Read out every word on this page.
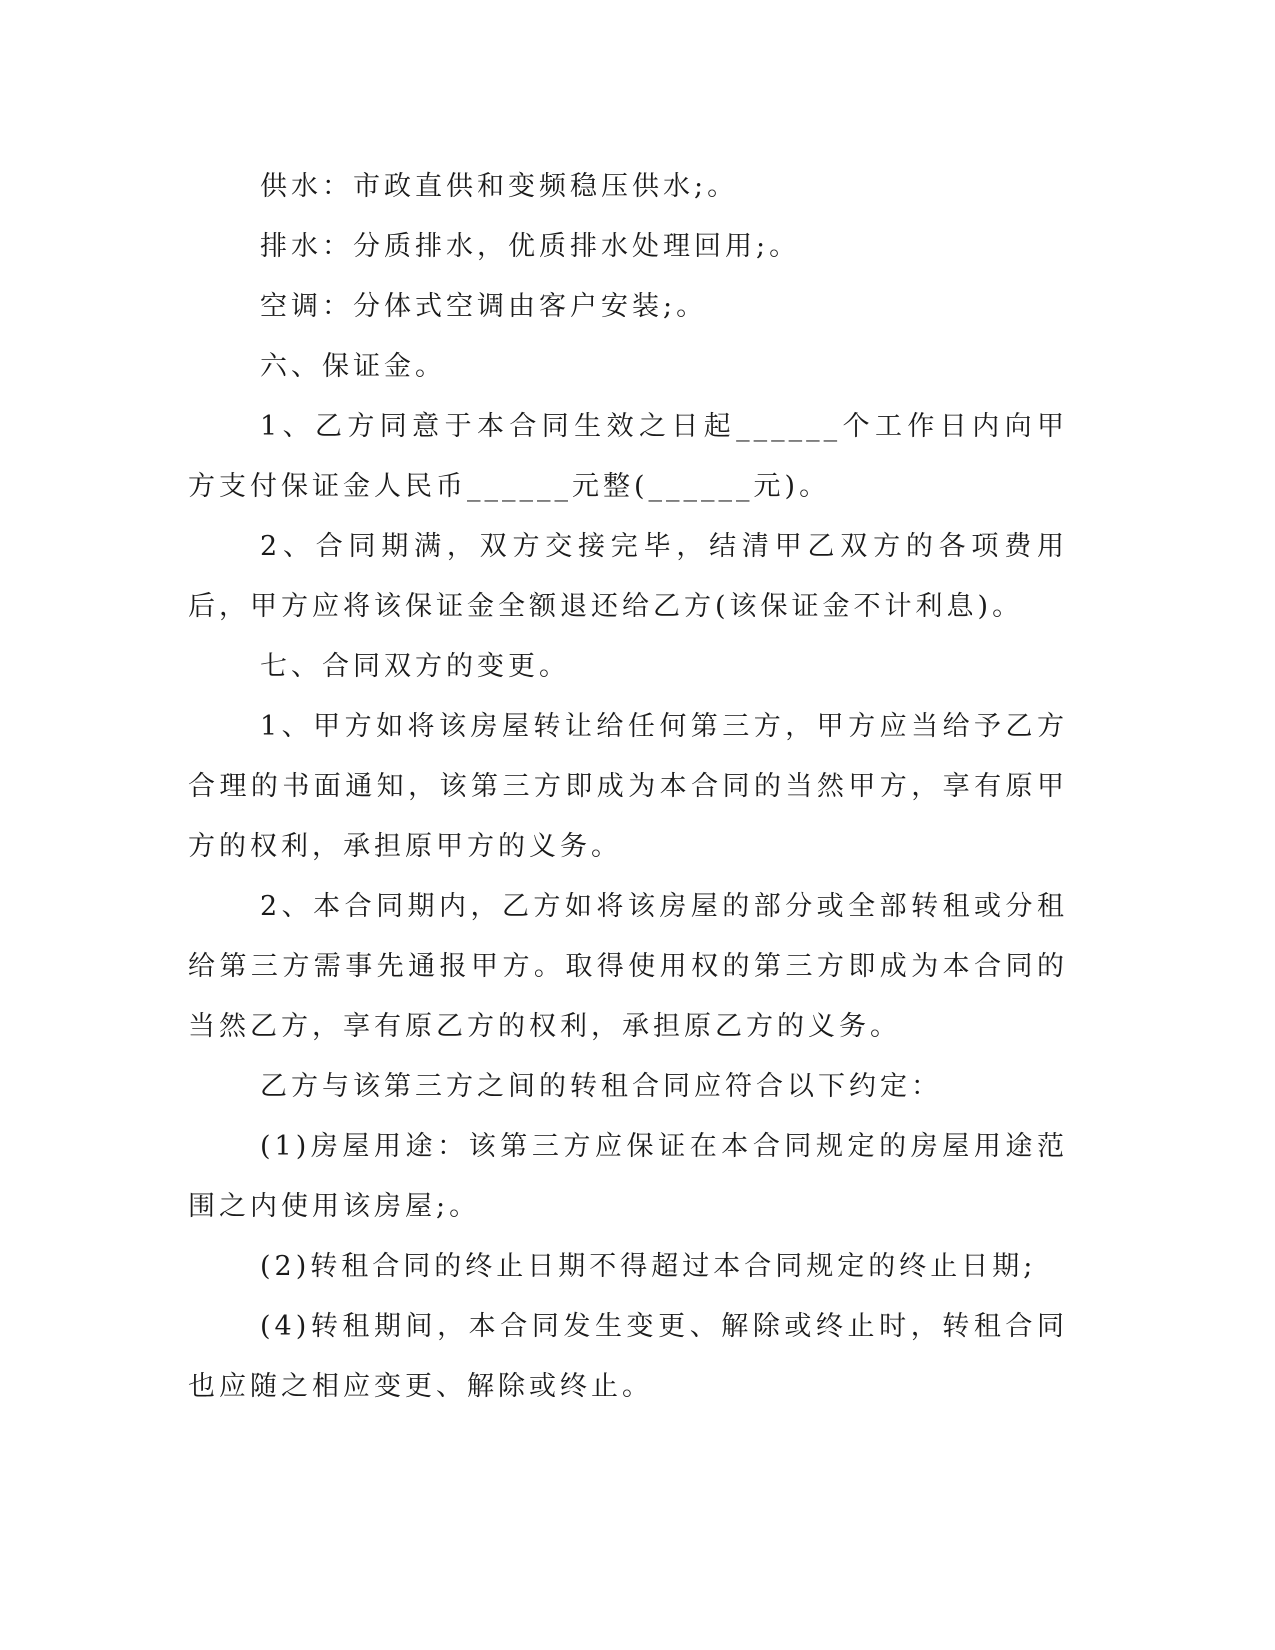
供水：市政直供和变频稳压供水;。

排水：分质排水，优质排水处理回用;。

空调：分体式空调由客户安装;。

六、保证金。

1、乙方同意于本合同生效之日起______个工作日内向甲方支付保证金人民币______元整(______元)。

2、合同期满，双方交接完毕，结清甲乙双方的各项费用后，甲方应将该保证金全额退还给乙方(该保证金不计利息)。

七、合同双方的变更。

1、甲方如将该房屋转让给任何第三方，甲方应当给予乙方合理的书面通知，该第三方即成为本合同的当然甲方，享有原甲方的权利，承担原甲方的义务。

2、本合同期内，乙方如将该房屋的部分或全部转租或分租给第三方需事先通报甲方。取得使用权的第三方即成为本合同的当然乙方，享有原乙方的权利，承担原乙方的义务。

乙方与该第三方之间的转租合同应符合以下约定：

(1)房屋用途：该第三方应保证在本合同规定的房屋用途范围之内使用该房屋;。

(2)转租合同的终止日期不得超过本合同规定的终止日期;

(4)转租期间，本合同发生变更、解除或终止时，转租合同也应随之相应变更、解除或终止。
